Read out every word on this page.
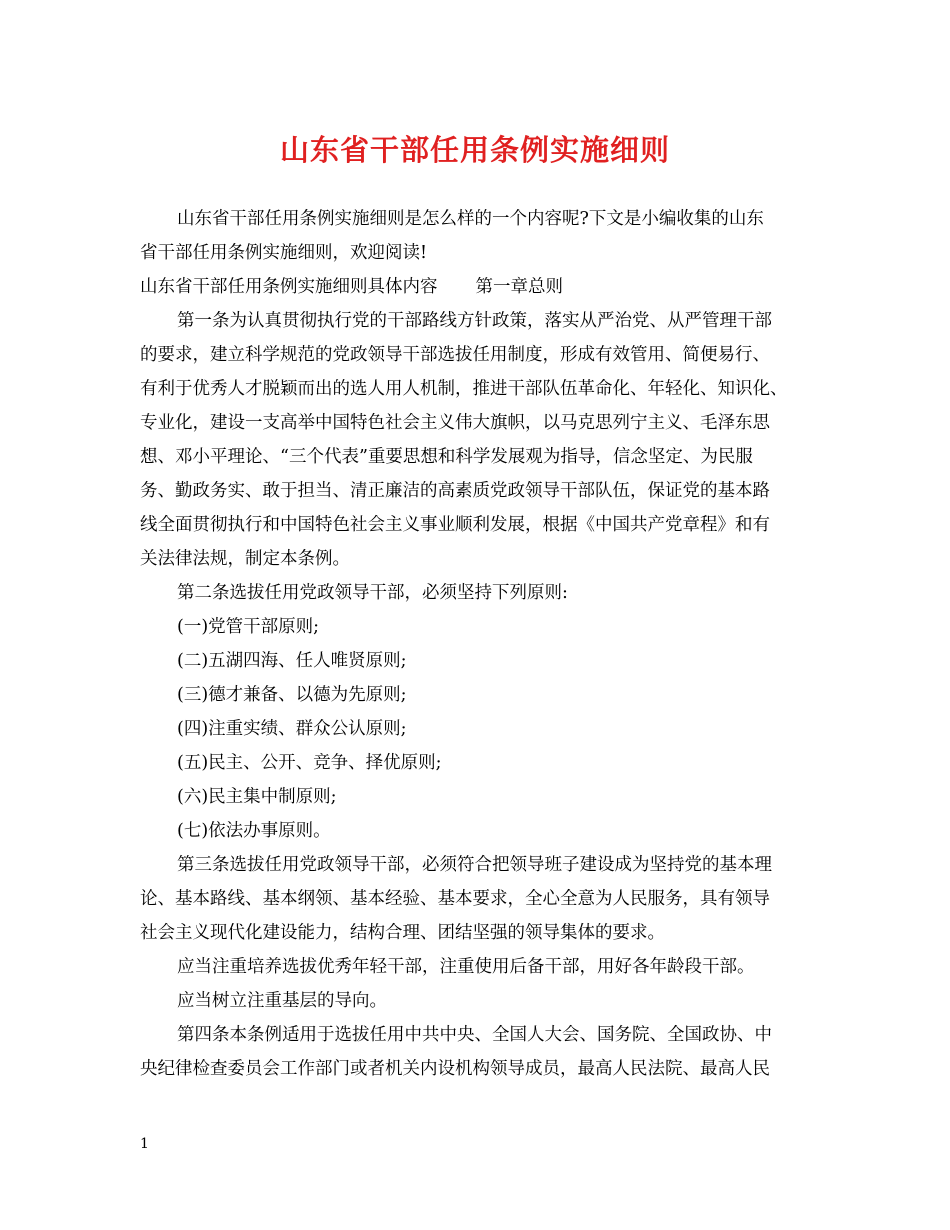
山东省干部任用条例实施细则
山东省干部任用条例实施细则是怎么样的一个内容呢?下文是小编收集的山东
省干部任用条例实施细则，欢迎阅读!
山东省干部任用条例实施细则具体内容 第一章总则
第一条为认真贯彻执行党的干部路线方针政策，落实从严治党、从严管理干部
的要求，建立科学规范的党政领导干部选拔任用制度，形成有效管用、简便易行、
有利于优秀人才脱颖而出的选人用人机制，推进干部队伍革命化、年轻化、知识化、
专业化，建设一支高举中国特色社会主义伟大旗帜，以马克思列宁主义、毛泽东思
想、邓小平理论、“三个代表”重要思想和科学发展观为指导，信念坚定、为民服
务、勤政务实、敢于担当、清正廉洁的高素质党政领导干部队伍，保证党的基本路
线全面贯彻执行和中国特色社会主义事业顺利发展，根据《中国共产党章程》和有
关法律法规，制定本条例。
第二条选拔任用党政领导干部，必须坚持下列原则:
(一)党管干部原则;
(二)五湖四海、任人唯贤原则;
(三)德才兼备、以德为先原则;
(四)注重实绩、群众公认原则;
(五)民主、公开、竞争、择优原则;
(六)民主集中制原则;
(七)依法办事原则。
第三条选拔任用党政领导干部，必须符合把领导班子建设成为坚持党的基本理
论、基本路线、基本纲领、基本经验、基本要求，全心全意为人民服务，具有领导
社会主义现代化建设能力，结构合理、团结坚强的领导集体的要求。
应当注重培养选拔优秀年轻干部，注重使用后备干部，用好各年龄段干部。
应当树立注重基层的导向。
第四条本条例适用于选拔任用中共中央、全国人大会、国务院、全国政协、中
央纪律检查委员会工作部门或者机关内设机构领导成员，最高人民法院、最高人民
1
